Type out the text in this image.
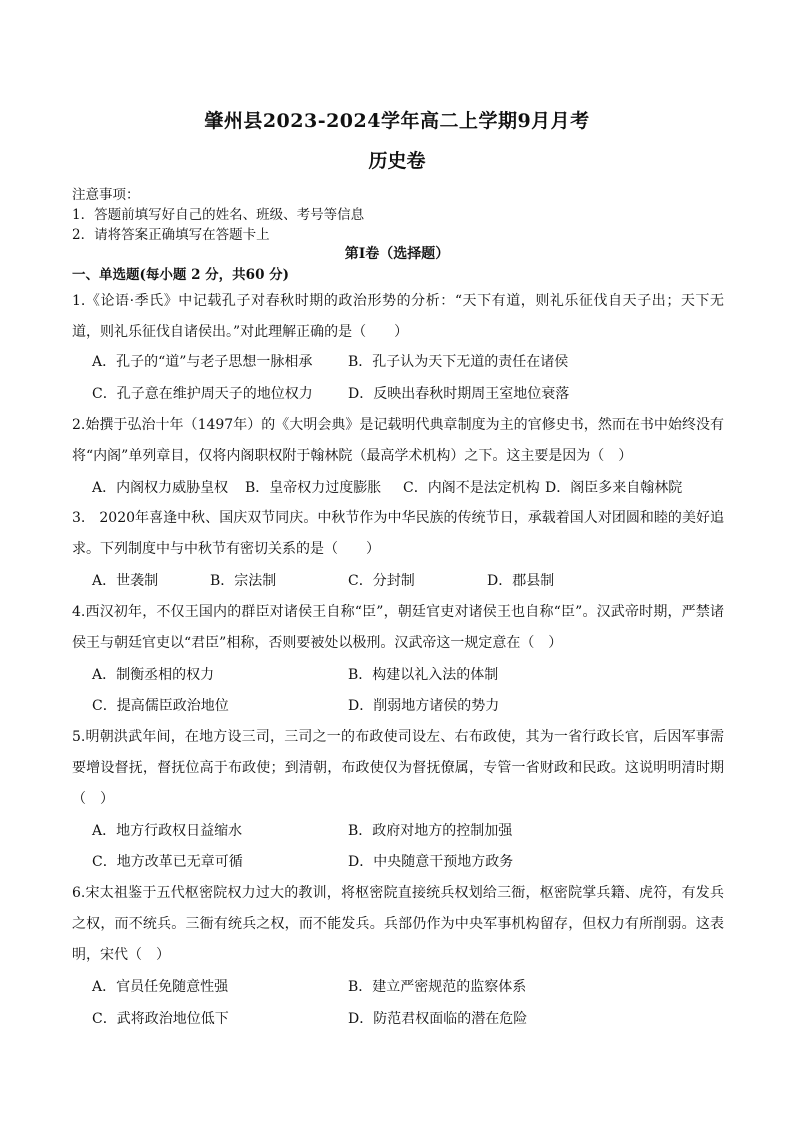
肇州县2023-2024学年高二上学期9月月考
历史卷
注意事项：
1．答题前填写好自己的姓名、班级、考号等信息
2．请将答案正确填写在答题卡上
第Ⅰ卷（选择题）
一、单选题(每小题 2 分，共60 分)
1.《论语·季氏》中记载孔子对春秋时期的政治形势的分析：“天下有道，则礼乐征伐自天子出；天下无道，则礼乐征伐自诸侯出。”对此理解正确的是（　　）
A．孔子的“道”与老子思想一脉相承	B．孔子认为天下无道的责任在诸侯
C．孔子意在维护周天子的地位权力	D．反映出春秋时期周王室地位衰落
2.始撰于弘治十年（1497年）的《大明会典》是记载明代典章制度为主的官修史书，然而在书中始终没有将“内阁”单列章目，仅将内阁职权附于翰林院（最高学术机构）之下。这主要是因为（　）
A．内阁权力威胁皇权 B．皇帝权力过度膨胀 C．内阁不是法定机构 D．阁臣多来自翰林院
3.　2020年喜逢中秋、国庆双节同庆。中秋节作为中华民族的传统节日，承载着国人对团圆和睦的美好追求。下列制度中与中秋节有密切关系的是（　　）
A．世袭制	B．宗法制	C．分封制	D．郡县制
4.西汉初年，不仅王国内的群臣对诸侯王自称“臣”，朝廷官吏对诸侯王也自称“臣”。汉武帝时期，严禁诸侯王与朝廷官吏以“君臣”相称，否则要被处以极刑。汉武帝这一规定意在（　）
A．制衡丞相的权力	B．构建以礼入法的体制
C．提高儒臣政治地位	D．削弱地方诸侯的势力
5.明朝洪武年间，在地方设三司，三司之一的布政使司设左、右布政使，其为一省行政长官，后因军事需要增设督抚，督抚位高于布政使；到清朝，布政使仅为督抚僚属，专管一省财政和民政。这说明明清时期（　）
A．地方行政权日益缩水	B．政府对地方的控制加强
C．地方改革已无章可循	D．中央随意干预地方政务
6.宋太祖鉴于五代枢密院权力过大的教训，将枢密院直接统兵权划给三衙，枢密院掌兵籍、虎符，有发兵之权，而不统兵。三衙有统兵之权，而不能发兵。兵部仍作为中央军事机构留存，但权力有所削弱。这表明，宋代（　）
A．官员任免随意性强	B．建立严密规范的监察体系
C．武将政治地位低下	D．防范君权面临的潜在危险
